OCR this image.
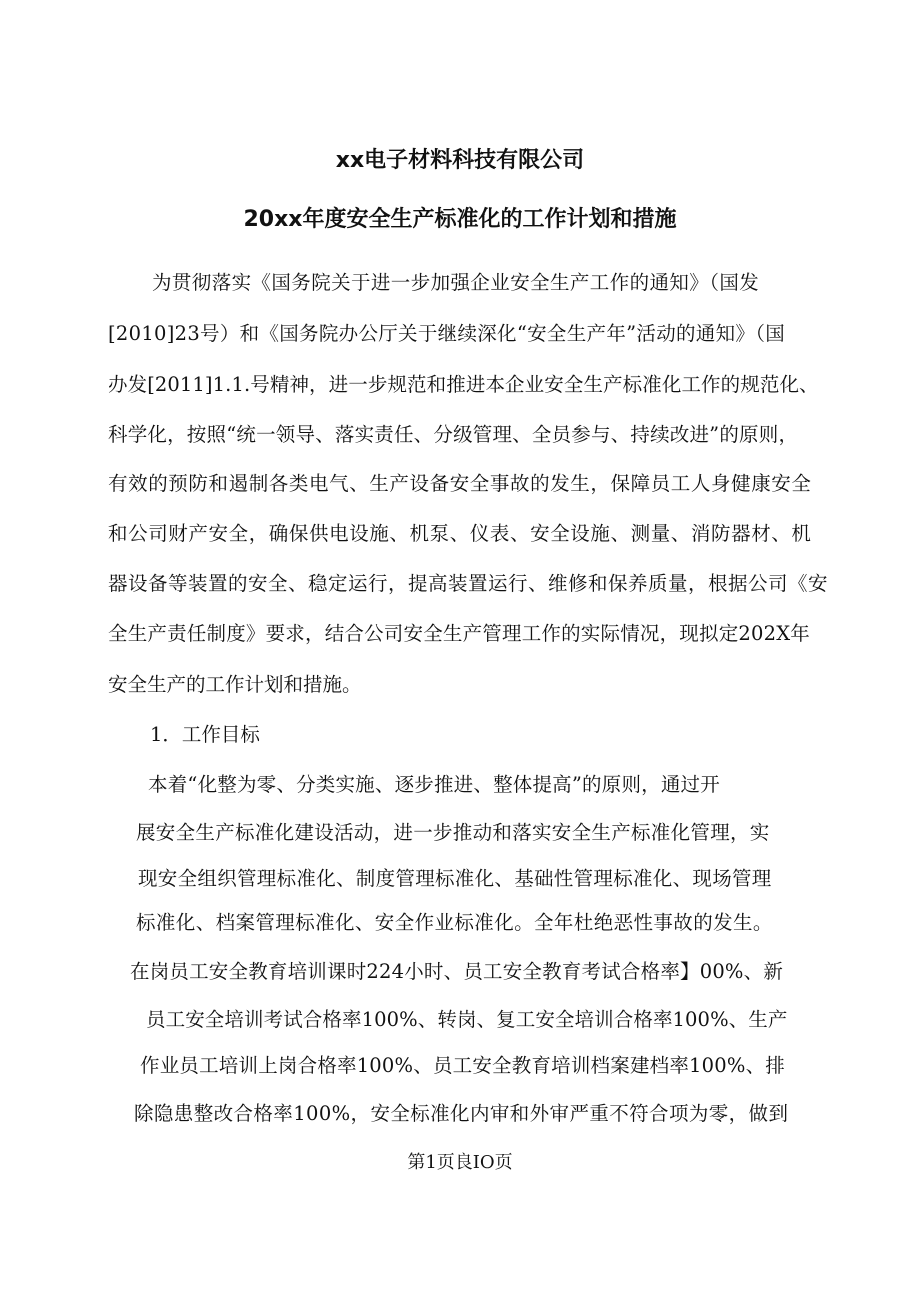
xx电子材料科技有限公司
20xx年度安全生产标准化的工作计划和措施
为贯彻落实《国务院关于进一步加强企业安全生产工作的通知》（国发
[2010]23号）和《国务院办公厅关于继续深化“安全生产年”活动的通知》（国
办发[2011]1.1.号精神，进一步规范和推进本企业安全生产标准化工作的规范化、
科学化，按照“统一领导、落实责任、分级管理、全员参与、持续改进”的原则，
有效的预防和遏制各类电气、生产设备安全事故的发生，保障员工人身健康安全
和公司财产安全，确保供电设施、机泵、仪表、安全设施、测量、消防器材、机
器设备等装置的安全、稳定运行，提高装置运行、维修和保养质量，根据公司《安
全生产责任制度》要求，结合公司安全生产管理工作的实际情况，现拟定202X年
安全生产的工作计划和措施。
1．工作目标
本着“化整为零、分类实施、逐步推进、整体提高”的原则，通过开
展安全生产标准化建设活动，进一步推动和落实安全生产标准化管理，实
现安全组织管理标准化、制度管理标准化、基础性管理标准化、现场管理
标准化、档案管理标准化、安全作业标准化。全年杜绝恶性事故的发生。
在岗员工安全教育培训课时224小时、员工安全教育考试合格率】00%、新
员工安全培训考试合格率100%、转岗、复工安全培训合格率100%、生产
作业员工培训上岗合格率100%、员工安全教育培训档案建档率100%、排
除隐患整改合格率100%，安全标准化内审和外审严重不符合项为零，做到
第1页良IO页
